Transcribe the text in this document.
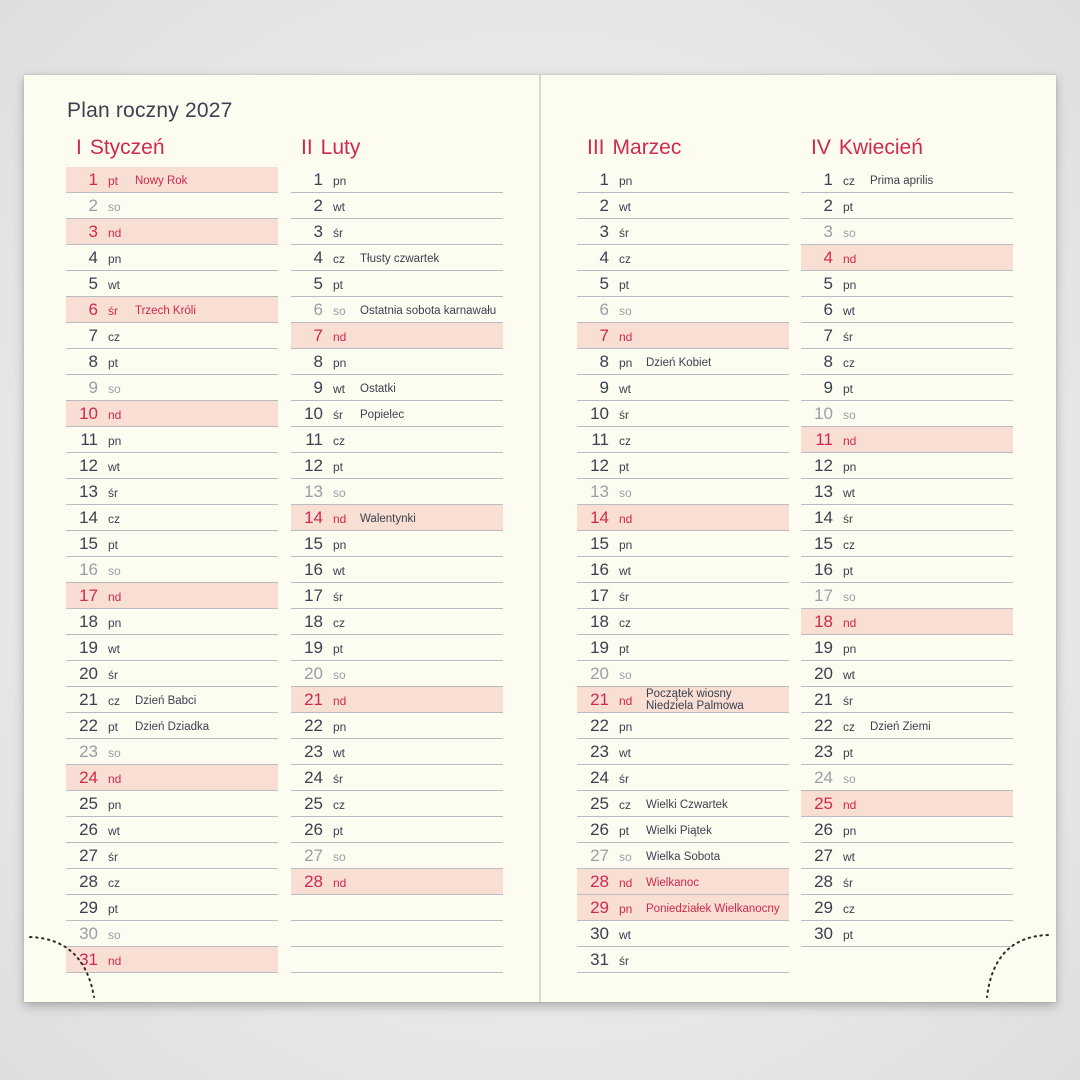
Plan roczny 2027
I Styczeń
1 pt Nowy Rok
2 so
3 nd
4 pn
5 wt
6 śr Trzech Króli
7 cz
8 pt
9 so
10 nd
11 pn
12 wt
13 śr
14 cz
15 pt
16 so
17 nd
18 pn
19 wt
20 śr
21 cz Dzień Babci
22 pt Dzień Dziadka
23 so
24 nd
25 pn
26 wt
27 śr
28 cz
29 pt
30 so
31 nd
II Luty
1 pn
2 wt
3 śr
4 cz Tłusty czwartek
5 pt
6 so Ostatnia sobota karnawału
7 nd
8 pn
9 wt Ostatki
10 śr Popielec
11 cz
12 pt
13 so
14 nd Walentynki
15 pn
16 wt
17 śr
18 cz
19 pt
20 so
21 nd
22 pn
23 wt
24 śr
25 cz
26 pt
27 so
28 nd
III Marzec
1 pn
2 wt
3 śr
4 cz
5 pt
6 so
7 nd
8 pn Dzień Kobiet
9 wt
10 śr
11 cz
12 pt
13 so
14 nd
15 pn
16 wt
17 śr
18 cz
19 pt
20 so
21 nd Początek wiosny
Niedziela Palmowa
22 pn
23 wt
24 śr
25 cz Wielki Czwartek
26 pt Wielki Piątek
27 so Wielka Sobota
28 nd Wielkanoc
29 pn Poniedziałek Wielkanocny
30 wt
31 śr
IV Kwiecień
1 cz Prima aprilis
2 pt
3 so
4 nd
5 pn
6 wt
7 śr
8 cz
9 pt
10 so
11 nd
12 pn
13 wt
14 śr
15 cz
16 pt
17 so
18 nd
19 pn
20 wt
21 śr
22 cz Dzień Ziemi
23 pt
24 so
25 nd
26 pn
27 wt
28 śr
29 cz
30 pt
